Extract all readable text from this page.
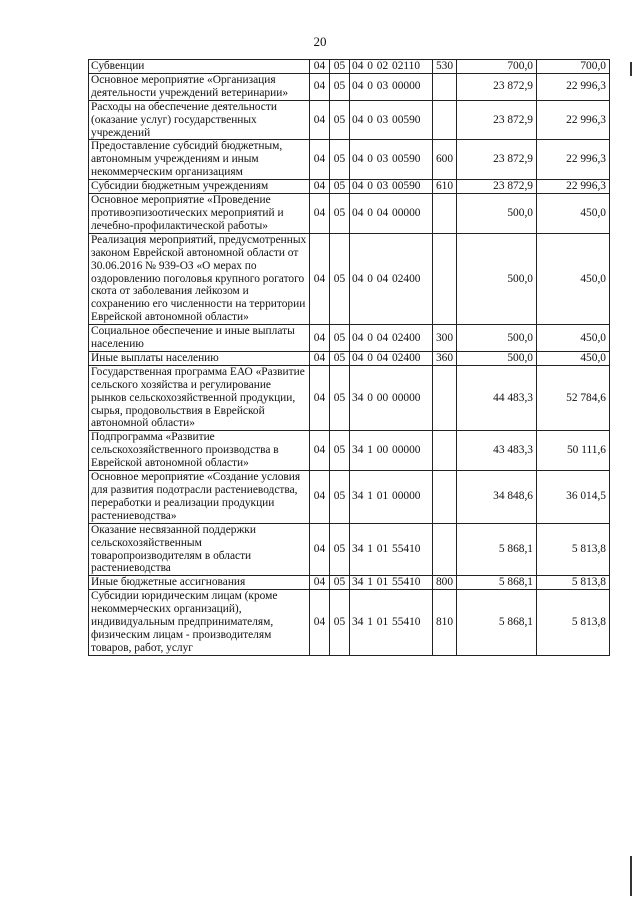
20
Субвенции	04	05	04 0 02 02110	530	700,0	700,0
Основное мероприятие «Организация деятельности учреждений ветеринарии»	04	05	04 0 03 00000		23 872,9	22 996,3
Расходы на обеспечение деятельности (оказание услуг) государственных учреждений	04	05	04 0 03 00590		23 872,9	22 996,3
Предоставление субсидий бюджетным, автономным учреждениям и иным некоммерческим организациям	04	05	04 0 03 00590	600	23 872,9	22 996,3
Субсидии бюджетным учреждениям	04	05	04 0 03 00590	610	23 872,9	22 996,3
Основное мероприятие «Проведение противоэпизоотических мероприятий и лечебно-профилактической работы»	04	05	04 0 04 00000		500,0	450,0
Реализация мероприятий, предусмотренных законом Еврейской автономной области от 30.06.2016 № 939-ОЗ «О мерах по оздоровлению поголовья крупного рогатого скота от заболевания лейкозом и сохранению его численности на территории Еврейской автономной области»	04	05	04 0 04 02400		500,0	450,0
Социальное обеспечение и иные выплаты населению	04	05	04 0 04 02400	300	500,0	450,0
Иные выплаты населению	04	05	04 0 04 02400	360	500,0	450,0
Государственная программа ЕАО «Развитие сельского хозяйства и регулирование рынков сельскохозяйственной продукции, сырья, продовольствия в Еврейской автономной области»	04	05	34 0 00 00000		44 483,3	52 784,6
Подпрограмма «Развитие сельскохозяйственного производства в Еврейской автономной области»	04	05	34 1 00 00000		43 483,3	50 111,6
Основное мероприятие «Создание условия для развития подотрасли растениеводства, переработки и реализации продукции растениеводства»	04	05	34 1 01 00000		34 848,6	36 014,5
Оказание несвязанной поддержки сельскохозяйственным товаропроизводителям в области растениеводства	04	05	34 1 01 55410		5 868,1	5 813,8
Иные бюджетные ассигнования	04	05	34 1 01 55410	800	5 868,1	5 813,8
Субсидии юридическим лицам (кроме некоммерческих организаций), индивидуальным предпринимателям, физическим лицам - производителям товаров, работ, услуг	04	05	34 1 01 55410	810	5 868,1	5 813,8
